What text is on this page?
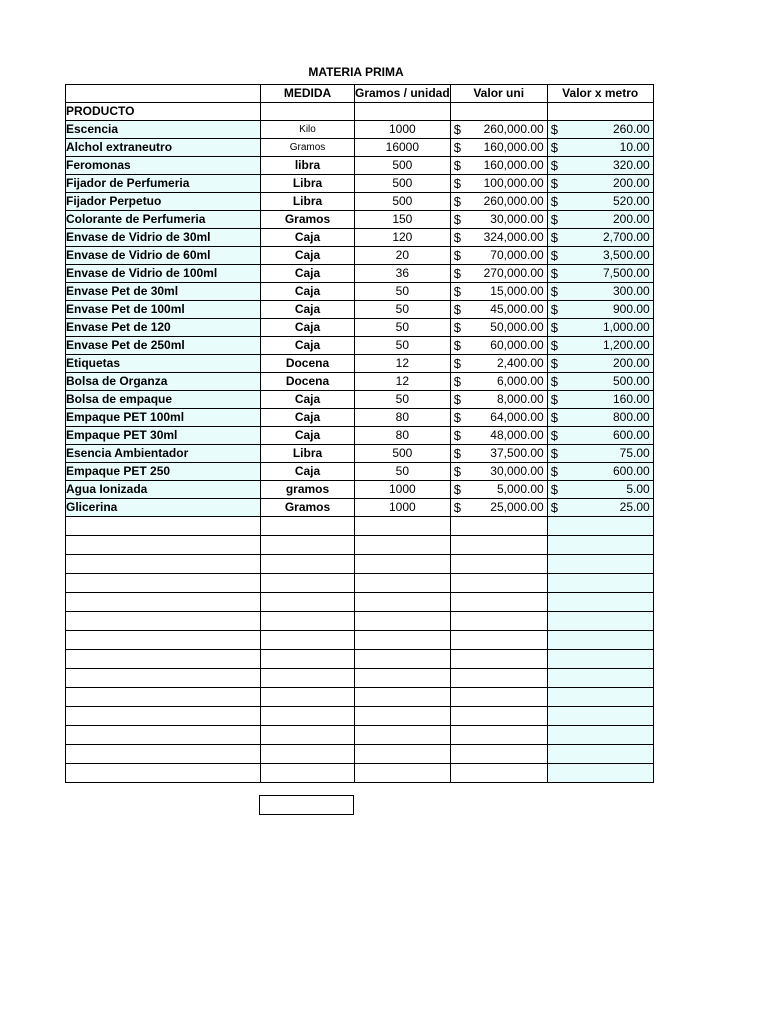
MATERIA PRIMA
	MEDIDA	Gramos / unidad	Valor uni	Valor x metro
PRODUCTO				
Escencia	Kilo	1000	$ 260,000.00	$ 260.00

Alchol extraneutro	Gramos	16000	$ 160,000.00	$ 10.00

Feromonas	libra	500	$ 160,000.00	$ 320.00

Fijador de Perfumeria	Libra	500	$ 100,000.00	$ 200.00

Fijador Perpetuo	Libra	500	$ 260,000.00	$ 520.00

Colorante de Perfumeria	Gramos	150	$ 30,000.00	$ 200.00

Envase de Vidrio de 30ml	Caja	120	$ 324,000.00	$ 2,700.00

Envase de Vidrio de 60ml	Caja	20	$ 70,000.00	$ 3,500.00

Envase de Vidrio de 100ml	Caja	36	$ 270,000.00	$ 7,500.00

Envase Pet de 30ml	Caja	50	$ 15,000.00	$ 300.00

Envase Pet de 100ml	Caja	50	$ 45,000.00	$ 900.00

Envase Pet de 120	Caja	50	$ 50,000.00	$ 1,000.00

Envase Pet de 250ml	Caja	50	$ 60,000.00	$ 1,200.00

Etiquetas	Docena	12	$ 2,400.00	$ 200.00

Bolsa de Organza	Docena	12	$ 6,000.00	$ 500.00

Bolsa de empaque	Caja	50	$ 8,000.00	$ 160.00

Empaque PET 100ml	Caja	80	$ 64,000.00	$ 800.00

Empaque PET 30ml	Caja	80	$ 48,000.00	$ 600.00

Esencia Ambientador	Libra	500	$ 37,500.00	$ 75.00

Empaque PET 250	Caja	50	$ 30,000.00	$ 600.00

Agua Ionizada	gramos	1000	$ 5,000.00	$ 5.00

Glicerina	Gramos	1000	$ 25,000.00	$ 25.00
